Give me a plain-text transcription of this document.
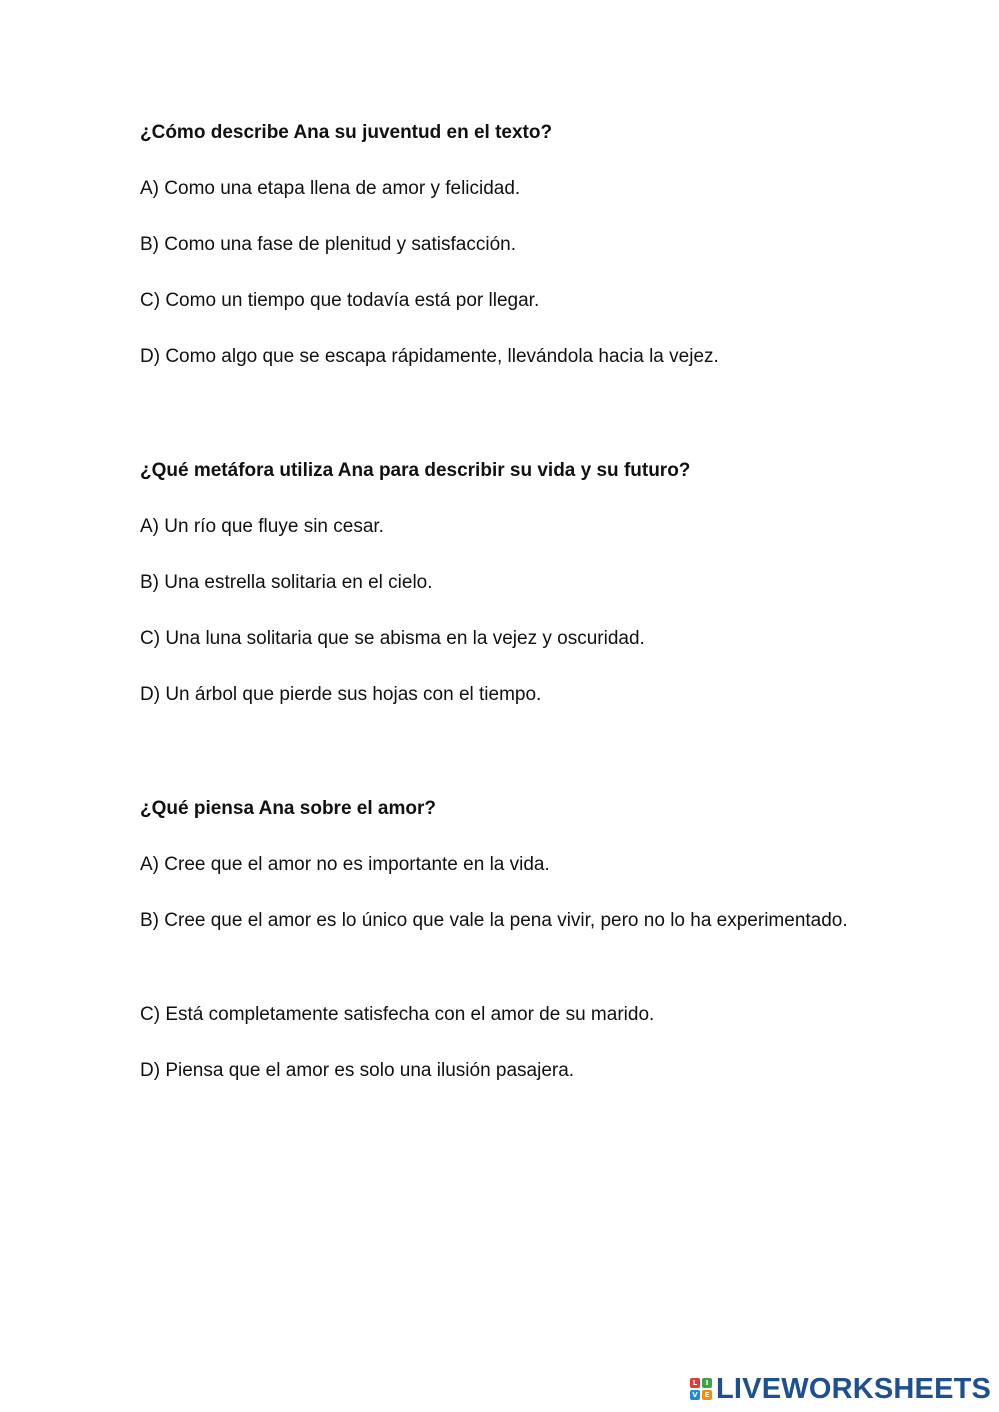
¿Cómo describe Ana su juventud en el texto?
A) Como una etapa llena de amor y felicidad.
B) Como una fase de plenitud y satisfacción.
C) Como un tiempo que todavía está por llegar.
D) Como algo que se escapa rápidamente, llevándola hacia la vejez.
¿Qué metáfora utiliza Ana para describir su vida y su futuro?
A) Un río que fluye sin cesar.
B) Una estrella solitaria en el cielo.
C) Una luna solitaria que se abisma en la vejez y oscuridad.
D) Un árbol que pierde sus hojas con el tiempo.
¿Qué piensa Ana sobre el amor?
A) Cree que el amor no es importante en la vida.
B) Cree que el amor es lo único que vale la pena vivir, pero no lo ha experimentado.
C) Está completamente satisfecha con el amor de su marido.
D) Piensa que el amor es solo una ilusión pasajera.
L	I
V E LIVEWORKSHEETS
